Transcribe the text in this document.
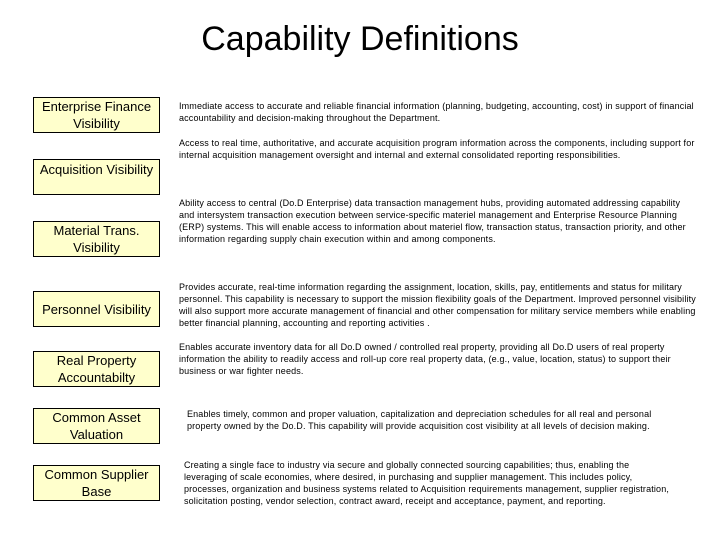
Capability Definitions
Enterprise Finance Visibility
Acquisition Visibility
Material Trans. Visibility
Personnel Visibility
Real Property Accountabilty
Common Asset Valuation
Common Supplier Base
Immediate access to accurate and reliable financial information (planning, budgeting, accounting, cost) in support of financial accountability and decision-making throughout the Department.
Access to real time, authoritative, and accurate acquisition program information across the components, including support for internal acquisition management oversight and internal and external consolidated reporting responsibilities.
Ability access to central (Do.D Enterprise) data transaction management hubs, providing automated addressing capability and intersystem transaction execution between service-specific materiel management and Enterprise Resource Planning (ERP) systems. This will enable access to information about materiel flow, transaction status, transaction priority, and other information regarding supply chain execution within and among components.
Provides accurate, real-time information regarding the assignment, location, skills, pay, entitlements and status for military personnel. This capability is necessary to support the mission flexibility goals of the Department. Improved personnel visibility will also support more accurate management of financial and other compensation for military service members while enabling better financial planning, accounting and reporting activities .
Enables accurate inventory data for all Do.D owned / controlled real property, providing all Do.D users of real property information the ability to readily access and roll-up core real property data, (e.g., value, location, status) to support their business or war fighter needs.
Enables timely, common and proper valuation, capitalization and depreciation schedules for all real and personal property owned by the Do.D. This capability will provide acquisition cost visibility at all levels of decision making.
Creating a single face to industry via secure and globally connected sourcing capabilities; thus, enabling the leveraging of scale economies, where desired, in purchasing and supplier management. This includes policy, processes, organization and business systems related to Acquisition requirements management, supplier registration, solicitation posting, vendor selection, contract award, receipt and acceptance, payment, and reporting.
